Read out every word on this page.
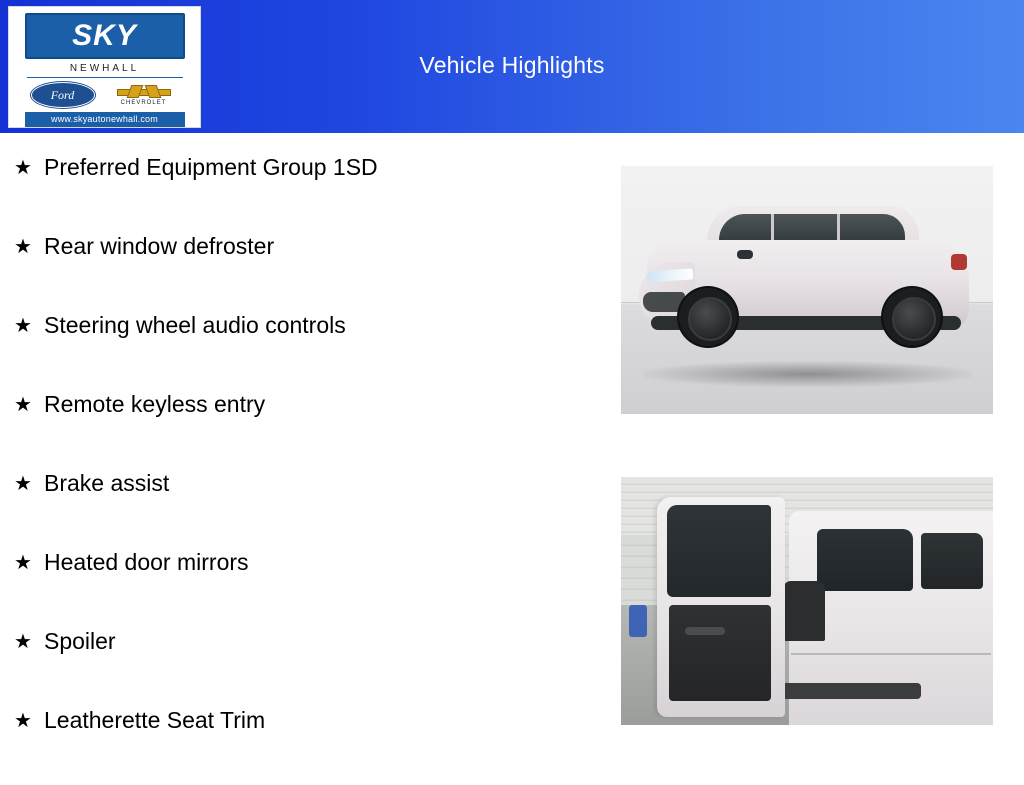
SKY
NEWHALL
Ford
CHEVROLET
www.skyautonewhall.com
Vehicle Highlights
★ Preferred Equipment Group 1SD
★ Rear window defroster
★ Steering wheel audio controls
★ Remote keyless entry
★ Brake assist
★ Heated door mirrors
★ Spoiler
★ Leatherette Seat Trim
